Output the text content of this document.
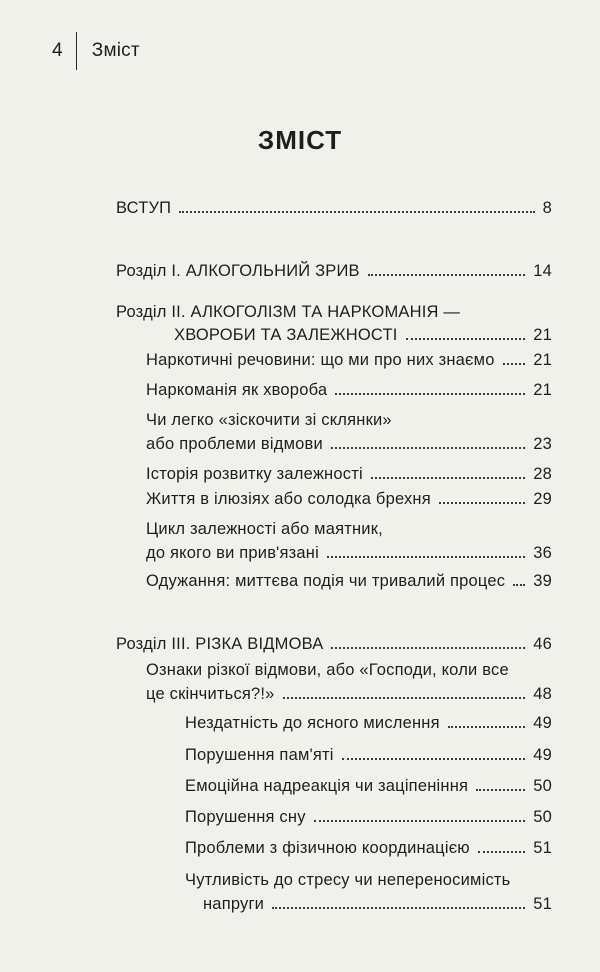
4 Зміст
ЗМІСТ
ВСТУП	8
Розділ І. АЛКОГОЛЬНИЙ ЗРИВ	14
Розділ ІІ. АЛКОГОЛІЗМ ТА НАРКОМАНІЯ —
ХВОРОБИ ТА ЗАЛЕЖНОСТІ	21
Наркотичні речовини: що ми про них знаємо 21
Наркоманія як хвороба	21
Чи легко «зіскочити зі склянки»
або проблеми відмови	23
Історія розвитку залежності	28
Життя в ілюзіях або солодка брехня	29
Цикл залежності або маятник,
до якого ви прив'язані	36
Одужання: миттєва подія чи тривалий процес 39
Розділ ІІІ. РІЗКА ВІДМОВА	46
Ознаки різкої відмови, або «Господи, коли все
це скінчиться?!»	48
Нездатність до ясного мислення	49
Порушення пам'яті	49
Емоційна надреакція чи заціпеніння	50
Порушення сну	50
Проблеми з фізичною координацією	51
Чутливість до стресу чи непереносимість
напруги	51
